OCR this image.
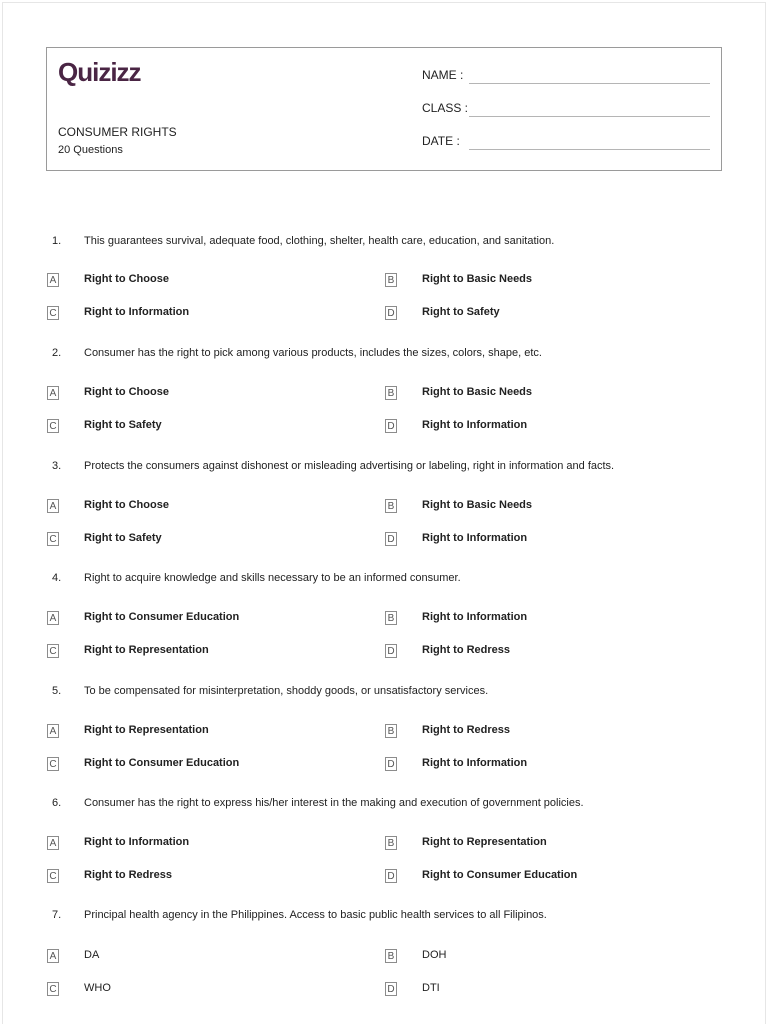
Quizizz
CONSUMER RIGHTS
20 Questions
NAME :
CLASS :
DATE :
1. This guarantees survival, adequate food, clothing, shelter, health care, education, and sanitation.
A	Right to Choose	B	Right to Basic Needs
C Right to Information	D Right to Safety
2. Consumer has the right to pick among various products, includes the sizes, colors, shape, etc.
A	Right to Choose	B	Right to Basic Needs
C Right to Safety	D Right to Information
3. Protects the consumers against dishonest or misleading advertising or labeling, right in information and facts.
A	Right to Choose	B	Right to Basic Needs
C Right to Safety	D Right to Information
4. Right to acquire knowledge and skills necessary to be an informed consumer.
A	Right to Consumer Education	B	Right to Information
C Right to Representation	D Right to Redress
5. To be compensated for misinterpretation, shoddy goods, or unsatisfactory services.
A	Right to Representation	B	Right to Redress
C Right to Consumer Education	D Right to Information
6. Consumer has the right to express his/her interest in the making and execution of government policies.
A	Right to Information	B	Right to Representation
C Right to Redress	D Right to Consumer Education
7. Principal health agency in the Philippines. Access to basic public health services to all Filipinos.
A	DA	B	DOH
C WHO	D DTI
